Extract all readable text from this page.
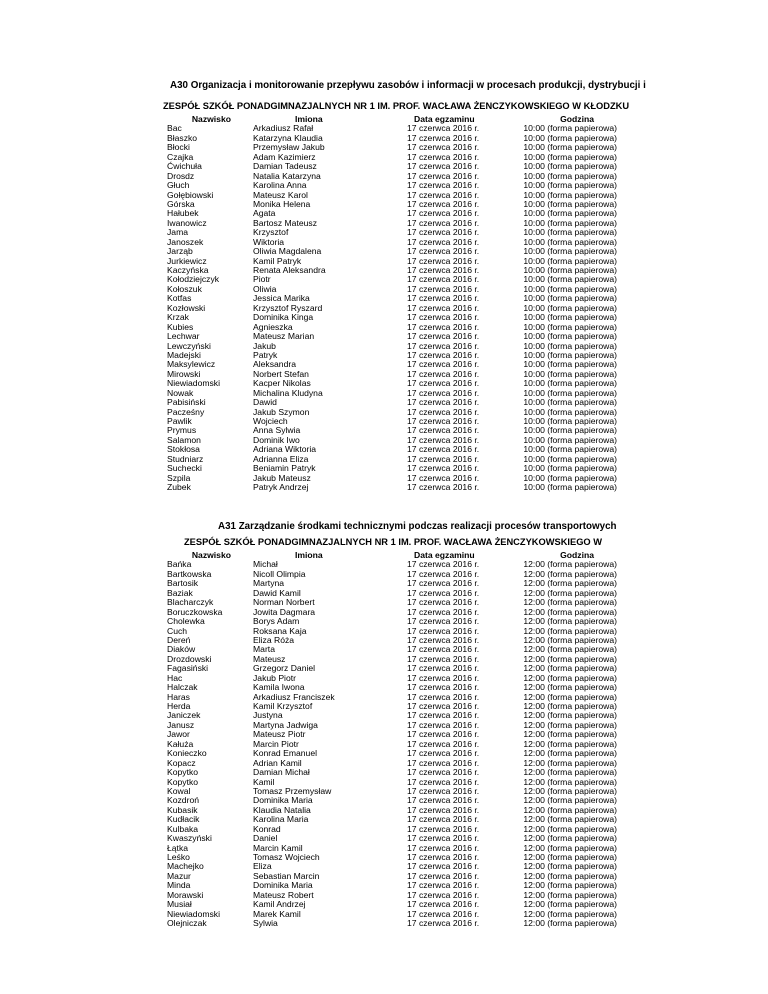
A30 Organizacja i monitorowanie przepływu zasobów i informacji w procesach produkcji, dystrybucji i
ZESPÓŁ SZKÓŁ PONADGIMNAZJALNYCH NR 1 IM. PROF. WACŁAWA ŻENCZYKOWSKIEGO W KŁODZKU
Nazwisko	Imiona	Data egzaminu	Godzina
Bac	Arkadiusz Rafał	17 czerwca 2016 r.	10:00 (forma papierowa)
Błaszko	Katarzyna Klaudia	17 czerwca 2016 r.	10:00 (forma papierowa)
Błocki	Przemysław Jakub	17 czerwca 2016 r.	10:00 (forma papierowa)
Czajka	Adam Kazimierz	17 czerwca 2016 r.	10:00 (forma papierowa)
Ćwichuła	Damian Tadeusz	17 czerwca 2016 r.	10:00 (forma papierowa)
Drosdz	Natalia Katarzyna	17 czerwca 2016 r.	10:00 (forma papierowa)
Głuch	Karolina Anna	17 czerwca 2016 r.	10:00 (forma papierowa)
Gołębiowski	Mateusz Karol	17 czerwca 2016 r.	10:00 (forma papierowa)
Górska	Monika Helena	17 czerwca 2016 r.	10:00 (forma papierowa)
Hałubek	Agata	17 czerwca 2016 r.	10:00 (forma papierowa)
Iwanowicz	Bartosz Mateusz	17 czerwca 2016 r.	10:00 (forma papierowa)
Jama	Krzysztof	17 czerwca 2016 r.	10:00 (forma papierowa)
Janoszek	Wiktoria	17 czerwca 2016 r.	10:00 (forma papierowa)
Jarząb	Oliwia Magdalena	17 czerwca 2016 r.	10:00 (forma papierowa)
Jurkiewicz	Kamil Patryk	17 czerwca 2016 r.	10:00 (forma papierowa)
Kaczyńska	Renata Aleksandra	17 czerwca 2016 r.	10:00 (forma papierowa)
Kołodziejczyk	Piotr	17 czerwca 2016 r.	10:00 (forma papierowa)
Kołoszuk	Oliwia	17 czerwca 2016 r.	10:00 (forma papierowa)
Kotfas	Jessica Marika	17 czerwca 2016 r.	10:00 (forma papierowa)
Kozłowski	Krzysztof Ryszard	17 czerwca 2016 r.	10:00 (forma papierowa)
Krzak	Dominika Kinga	17 czerwca 2016 r.	10:00 (forma papierowa)
Kubies	Agnieszka	17 czerwca 2016 r.	10:00 (forma papierowa)
Lechwar	Mateusz Marian	17 czerwca 2016 r.	10:00 (forma papierowa)
Lewczyński	Jakub	17 czerwca 2016 r.	10:00 (forma papierowa)
Madejski	Patryk	17 czerwca 2016 r.	10:00 (forma papierowa)
Maksylewicz	Aleksandra	17 czerwca 2016 r.	10:00 (forma papierowa)
Mirowski	Norbert Stefan	17 czerwca 2016 r.	10:00 (forma papierowa)
Niewiadomski	Kacper Nikolas	17 czerwca 2016 r.	10:00 (forma papierowa)
Nowak	Michalina Kludyna	17 czerwca 2016 r.	10:00 (forma papierowa)
Pabisiński	Dawid	17 czerwca 2016 r.	10:00 (forma papierowa)
Pacześny	Jakub Szymon	17 czerwca 2016 r.	10:00 (forma papierowa)
Pawlik	Wojciech	17 czerwca 2016 r.	10:00 (forma papierowa)
Prymus	Anna Sylwia	17 czerwca 2016 r.	10:00 (forma papierowa)
Salamon	Dominik Iwo	17 czerwca 2016 r.	10:00 (forma papierowa)
Stokłosa	Adriana Wiktoria	17 czerwca 2016 r.	10:00 (forma papierowa)
Studniarz	Adrianna Eliza	17 czerwca 2016 r.	10:00 (forma papierowa)
Suchecki	Beniamin Patryk	17 czerwca 2016 r.	10:00 (forma papierowa)
Szpila	Jakub Mateusz	17 czerwca 2016 r.	10:00 (forma papierowa)
Zubek	Patryk Andrzej	17 czerwca 2016 r.	10:00 (forma papierowa)
A31 Zarządzanie środkami technicznymi podczas realizacji procesów transportowych
ZESPÓŁ SZKÓŁ PONADGIMNAZJALNYCH NR 1 IM. PROF. WACŁAWA ŻENCZYKOWSKIEGO W
Nazwisko	Imiona	Data egzaminu	Godzina
Bańka	Michał	17 czerwca 2016 r.	12:00 (forma papierowa)
Bartkowska	Nicoll Olimpia	17 czerwca 2016 r.	12:00 (forma papierowa)
Bartosik	Martyna	17 czerwca 2016 r.	12:00 (forma papierowa)
Baziak	Dawid Kamil	17 czerwca 2016 r.	12:00 (forma papierowa)
Blacharczyk	Norman Norbert	17 czerwca 2016 r.	12:00 (forma papierowa)
Boruczkowska	Jowita Dagmara	17 czerwca 2016 r.	12:00 (forma papierowa)
Cholewka	Borys Adam	17 czerwca 2016 r.	12:00 (forma papierowa)
Cuch	Roksana Kaja	17 czerwca 2016 r.	12:00 (forma papierowa)
Dereń	Eliza Róża	17 czerwca 2016 r.	12:00 (forma papierowa)
Diaków	Marta	17 czerwca 2016 r.	12:00 (forma papierowa)
Drozdowski	Mateusz	17 czerwca 2016 r.	12:00 (forma papierowa)
Fagasiński	Grzegorz Daniel	17 czerwca 2016 r.	12:00 (forma papierowa)
Hac	Jakub Piotr	17 czerwca 2016 r.	12:00 (forma papierowa)
Halczak	Kamila Iwona	17 czerwca 2016 r.	12:00 (forma papierowa)
Haras	Arkadiusz Franciszek	17 czerwca 2016 r.	12:00 (forma papierowa)
Herda	Kamil Krzysztof	17 czerwca 2016 r.	12:00 (forma papierowa)
Janiczek	Justyna	17 czerwca 2016 r.	12:00 (forma papierowa)
Janusz	Martyna Jadwiga	17 czerwca 2016 r.	12:00 (forma papierowa)
Jawor	Mateusz Piotr	17 czerwca 2016 r.	12:00 (forma papierowa)
Kałuża	Marcin Piotr	17 czerwca 2016 r.	12:00 (forma papierowa)
Konieczko	Konrad Emanuel	17 czerwca 2016 r.	12:00 (forma papierowa)
Kopacz	Adrian Kamil	17 czerwca 2016 r.	12:00 (forma papierowa)
Kopytko	Damian Michał	17 czerwca 2016 r.	12:00 (forma papierowa)
Kopytko	Kamil	17 czerwca 2016 r.	12:00 (forma papierowa)
Kowal	Tomasz Przemysław	17 czerwca 2016 r.	12:00 (forma papierowa)
Kozdroń	Dominika Maria	17 czerwca 2016 r.	12:00 (forma papierowa)
Kubasik	Klaudia Natalia	17 czerwca 2016 r.	12:00 (forma papierowa)
Kudłacik	Karolina Maria	17 czerwca 2016 r.	12:00 (forma papierowa)
Kulbaka	Konrad	17 czerwca 2016 r.	12:00 (forma papierowa)
Kwaszyński	Daniel	17 czerwca 2016 r.	12:00 (forma papierowa)
Łątka	Marcin Kamil	17 czerwca 2016 r.	12:00 (forma papierowa)
Leśko	Tomasz Wojciech	17 czerwca 2016 r.	12:00 (forma papierowa)
Machejko	Eliza	17 czerwca 2016 r.	12:00 (forma papierowa)
Mazur	Sebastian Marcin	17 czerwca 2016 r.	12:00 (forma papierowa)
Minda	Dominika Maria	17 czerwca 2016 r.	12:00 (forma papierowa)
Morawski	Mateusz Robert	17 czerwca 2016 r.	12:00 (forma papierowa)
Musiał	Kamil Andrzej	17 czerwca 2016 r.	12:00 (forma papierowa)
Niewiadomski	Marek Kamil	17 czerwca 2016 r.	12:00 (forma papierowa)
Olejniczak	Sylwia	17 czerwca 2016 r.	12:00 (forma papierowa)
